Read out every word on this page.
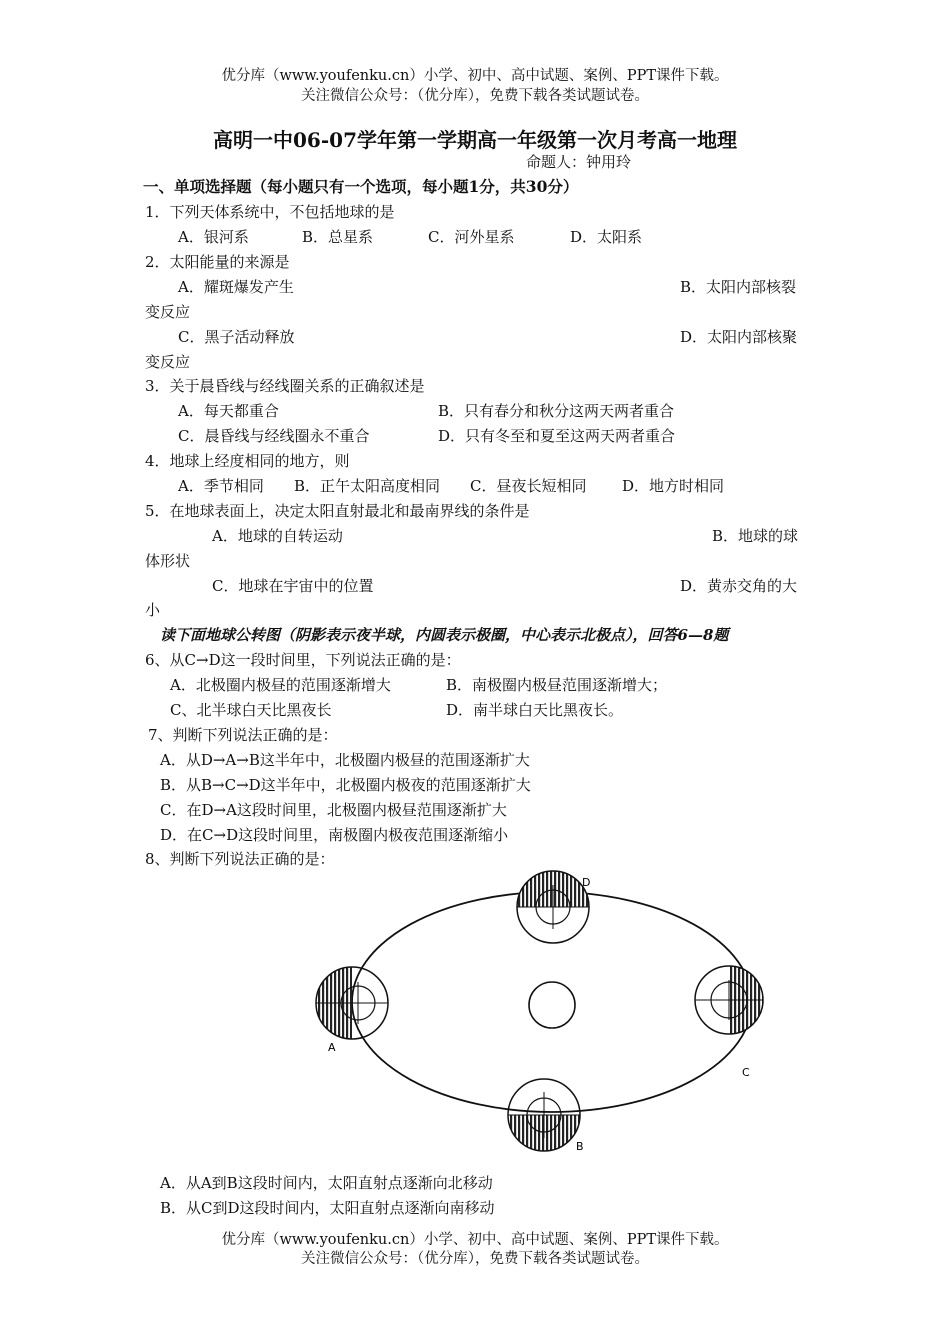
优分库（www.youfenku.cn）小学、初中、高中试题、案例、PPT课件下载。
关注微信公众号：（优分库），免费下载各类试题试卷。
高明一中06-07学年第一学期高一年级第一次月考高一地理
命题人：钟用玲
一、单项选择题（每小题只有一个选项，每小题1分，共30分）
1．下列天体系统中，不包括地球的是
A．银河系	B．总星系	C．河外星系	D．太阳系
2．太阳能量的来源是
A．耀斑爆发产生	B．太阳内部核裂
变反应
C．黑子活动释放	D．太阳内部核聚
变反应
3．关于晨昏线与经线圈关系的正确叙述是
A．每天都重合	B．只有春分和秋分这两天两者重合
C．晨昏线与经线圈永不重合	D．只有冬至和夏至这两天两者重合
4．地球上经度相同的地方，则
A．季节相同 B．正午太阳高度相同 C．昼夜长短相同 D．地方时相同
5．在地球表面上，决定太阳直射最北和最南界线的条件是
A．地球的自转运动	B．地球的球
体形状
C．地球在宇宙中的位置	D．黄赤交角的大
小
读下面地球公转图（阴影表示夜半球，内圆表示极圈，中心表示北极点），回答6—8题
6、从C→D这一段时间里，下列说法正确的是：
A．北极圈内极昼的范围逐渐增大	B．南极圈内极昼范围逐渐增大；
C、北半球白天比黑夜长	D．南半球白天比黑夜长。
7、判断下列说法正确的是：
A．从D→A→B这半年中，北极圈内极昼的范围逐渐扩大
B．从B→C→D这半年中，北极圈内极夜的范围逐渐扩大
C．在D→A这段时间里，北极圈内极昼范围逐渐扩大
D．在C→D这段时间里，南极圈内极夜范围逐渐缩小
8、判断下列说法正确的是：
D
A
C
B
A．从A到B这段时间内，太阳直射点逐渐向北移动
B．从C到D这段时间内，太阳直射点逐渐向南移动
优分库（www.youfenku.cn）小学、初中、高中试题、案例、PPT课件下载。
关注微信公众号：（优分库），免费下载各类试题试卷。
